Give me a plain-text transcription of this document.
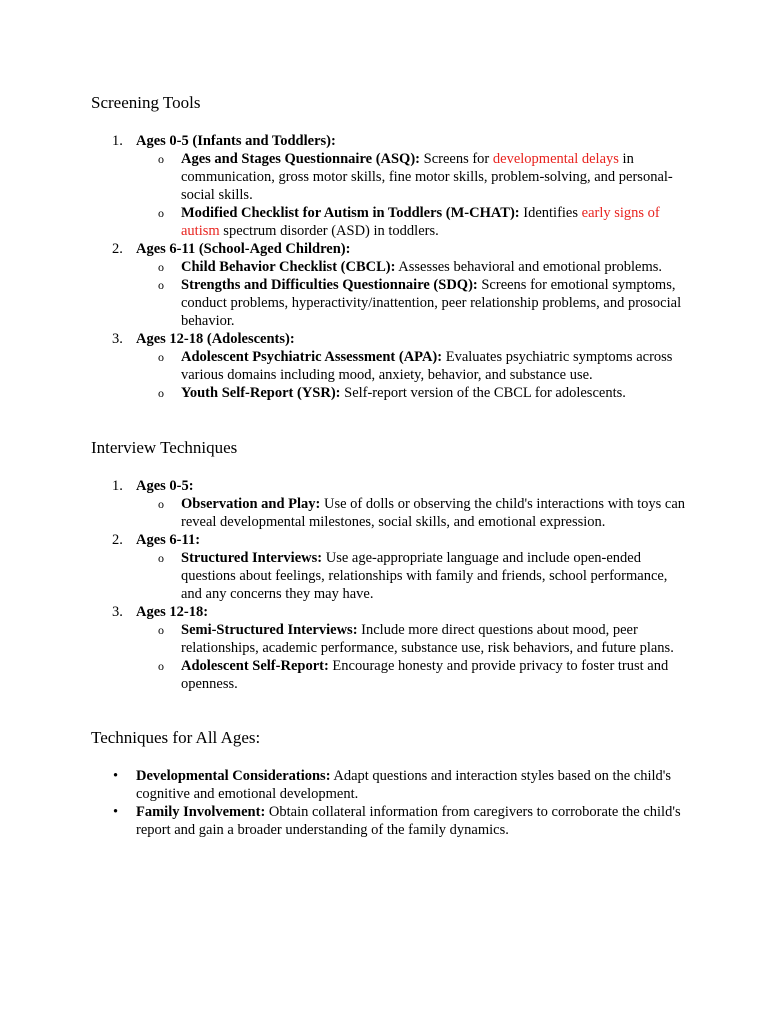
Screening Tools
1. Ages 0-5 (Infants and Toddlers):
o Ages and Stages Questionnaire (ASQ): Screens for developmental delays in communication, gross motor skills, fine motor skills, problem-solving, and personal-social skills.
o Modified Checklist for Autism in Toddlers (M-CHAT): Identifies early signs of autism spectrum disorder (ASD) in toddlers.
2. Ages 6-11 (School-Aged Children):
o Child Behavior Checklist (CBCL): Assesses behavioral and emotional problems.
o Strengths and Difficulties Questionnaire (SDQ): Screens for emotional symptoms, conduct problems, hyperactivity/inattention, peer relationship problems, and prosocial behavior.
3. Ages 12-18 (Adolescents):
o Adolescent Psychiatric Assessment (APA): Evaluates psychiatric symptoms across various domains including mood, anxiety, behavior, and substance use.
o Youth Self-Report (YSR): Self-report version of the CBCL for adolescents.
Interview Techniques
1. Ages 0-5:
o Observation and Play: Use of dolls or observing the child's interactions with toys can reveal developmental milestones, social skills, and emotional expression.
2. Ages 6-11:
o Structured Interviews: Use age-appropriate language and include open-ended questions about feelings, relationships with family and friends, school performance, and any concerns they may have.
3. Ages 12-18:
o Semi-Structured Interviews: Include more direct questions about mood, peer relationships, academic performance, substance use, risk behaviors, and future plans.
o Adolescent Self-Report: Encourage honesty and provide privacy to foster trust and openness.
Techniques for All Ages:
• Developmental Considerations: Adapt questions and interaction styles based on the child's cognitive and emotional development.
• Family Involvement: Obtain collateral information from caregivers to corroborate the child's report and gain a broader understanding of the family dynamics.
